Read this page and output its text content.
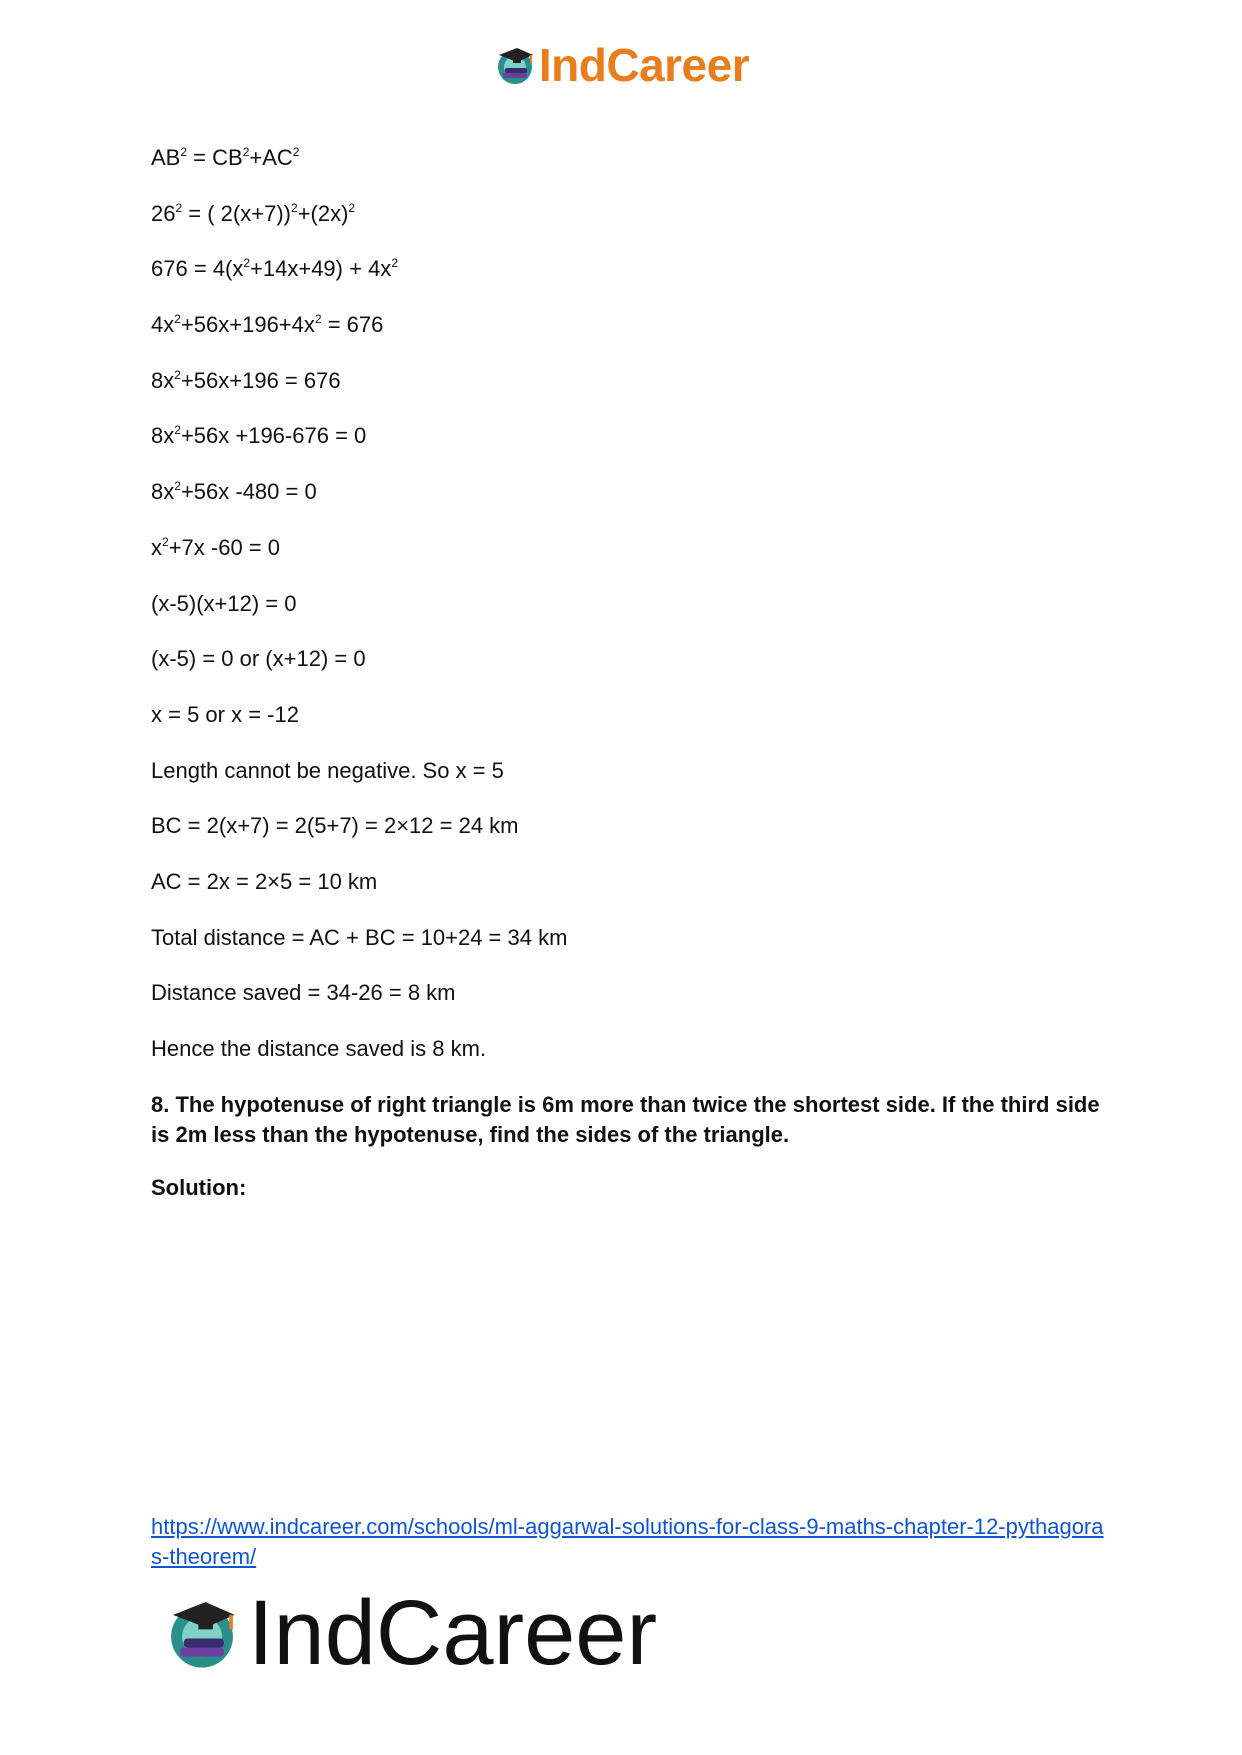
IndCareer
$AB^2 = CB^2+AC^2$
$26^2$ = ( $2(x+7))^2+(2x)^2$
$676 = 4(x^2+14x+49) + 4x^2$
$4x^2+56x+196+4x^2 = 676$
$8x^2+56x+196 = 676$
$8x^2+56x +196-676 = 0$
$8x^2+56x$ -480 = 0
$x^2+7x$ -60 = 0
(x-5)(x+12) = 0
(x-5) = 0 or (x+12) = 0
x = 5 or x = -12
Length cannot be negative. So x = 5
BC = 2(x+7) = 2(5+7) = 2×12 = 24 km
AC = 2x = 2×5 = 10 km
Total distance = AC + BC = 10+24 = 34 km
Distance saved = 34-26 = 8 km
Hence the distance saved is 8 km.
8. The hypotenuse of right triangle is 6m more than twice the shortest side. If the third side is 2m less than the hypotenuse, find the sides of the triangle.
Solution:
https://www.indcareer.com/schools/ml-aggarwal-solutions-for-class-9-maths-chapter-12-pythagoras-theorem/
IndCareer
